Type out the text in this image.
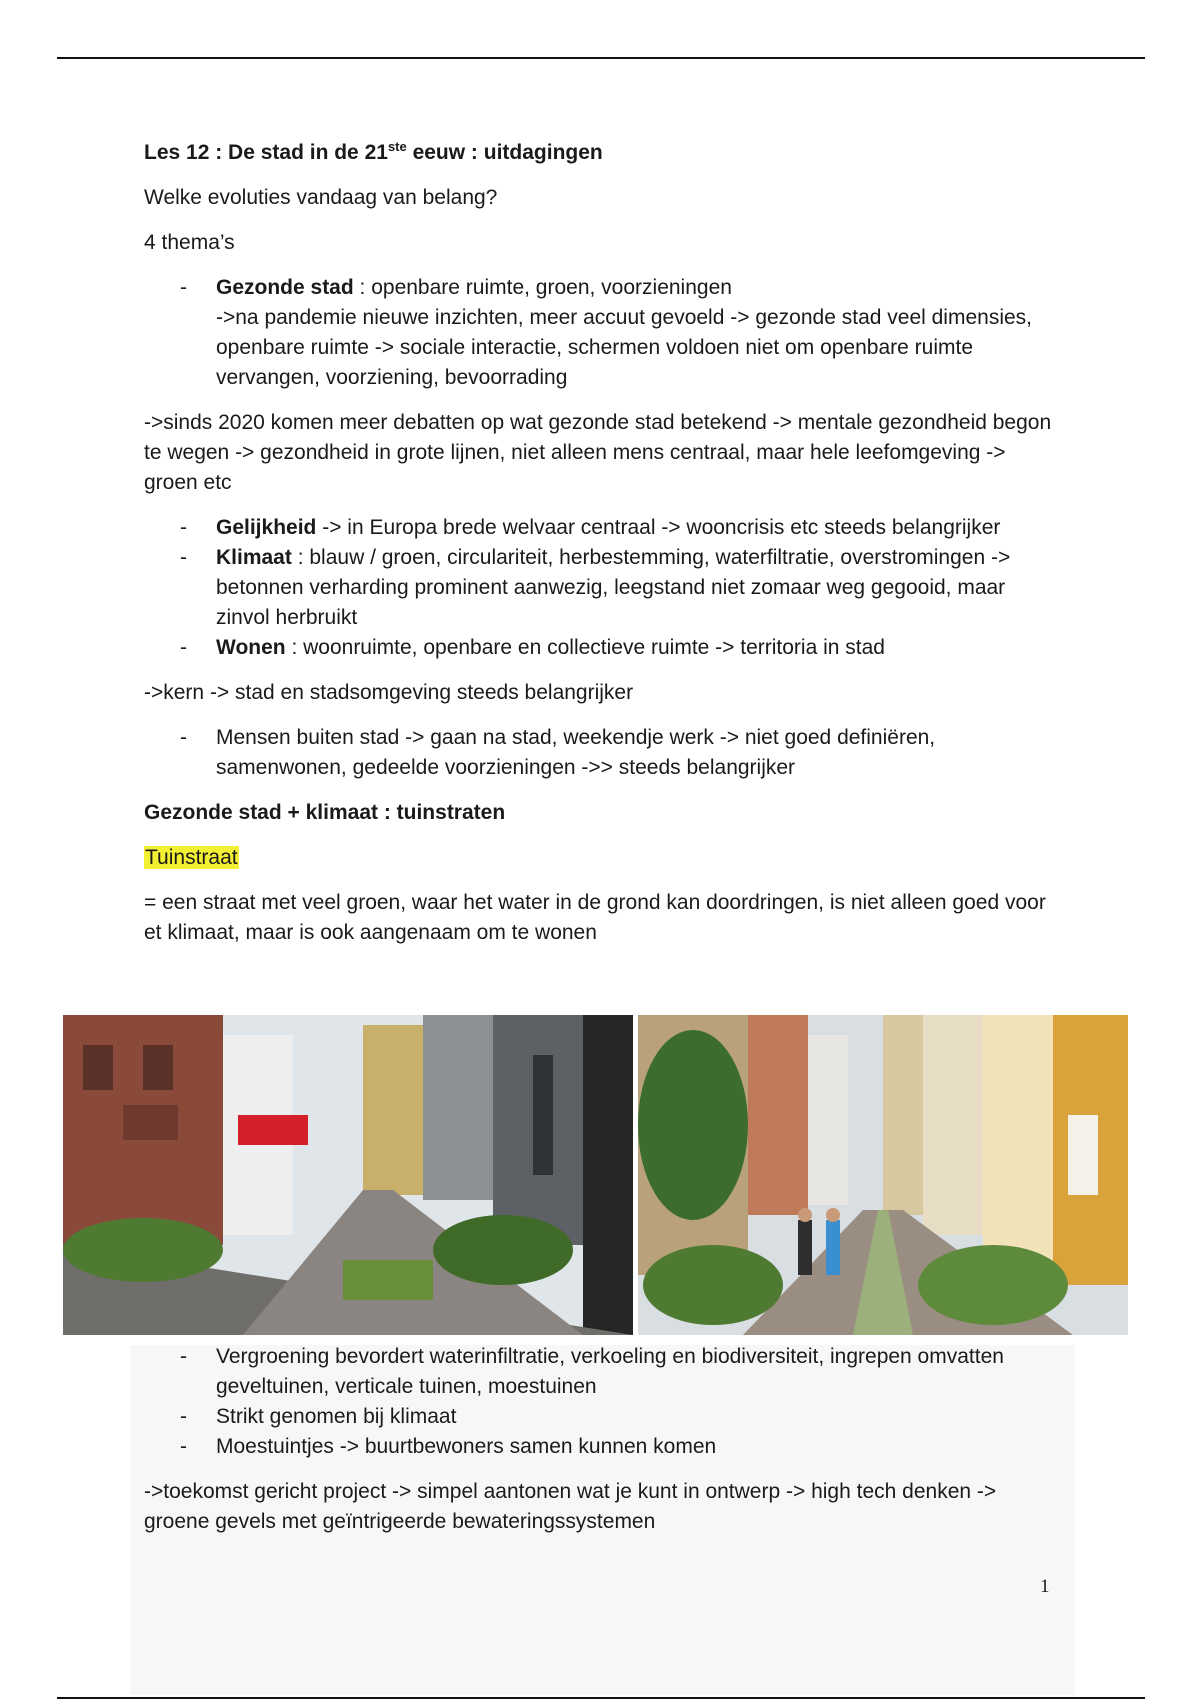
Les 12 : De stad in de 21ste eeuw : uitdagingen

Welke evoluties vandaag van belang?

4 thema’s

- Gezonde stad : openbare ruimte, groen, voorzieningen
->na pandemie nieuwe inzichten, meer accuut gevoeld -> gezonde stad veel dimensies, openbare ruimte -> sociale interactie, schermen voldoen niet om openbare ruimte vervangen, voorziening, bevoorrading

->sinds 2020 komen meer debatten op wat gezonde stad betekend -> mentale gezondheid begon te wegen -> gezondheid in grote lijnen, niet alleen mens centraal, maar hele leefomgeving -> groen etc

- Gelijkheid -> in Europa brede welvaar centraal -> wooncrisis etc steeds belangrijker
- Klimaat : blauw / groen, circulariteit, herbestemming, waterfiltratie, overstromingen -> betonnen verharding prominent aanwezig, leegstand niet zomaar weg gegooid, maar zinvol herbruikt
- Wonen : woonruimte, openbare en collectieve ruimte -> territoria in stad

->kern -> stad en stadsomgeving steeds belangrijker

- Mensen buiten stad -> gaan na stad, weekendje werk -> niet goed definiëren, samenwonen, gedeelde voorzieningen ->> steeds belangrijker

Gezonde stad + klimaat : tuinstraten

Tuinstraat

= een straat met veel groen, waar het water in de grond kan doordringen, is niet alleen goed voor et klimaat, maar is ook aangenaam om te wonen

- Vergroening bevordert waterinfiltratie, verkoeling en biodiversiteit, ingrepen omvatten geveltuinen, verticale tuinen, moestuinen
- Strikt genomen bij klimaat
- Moestuintjes -> buurtbewoners samen kunnen komen

->toekomst gericht project -> simpel aantonen wat je kunt in ontwerp -> high tech denken -> groene gevels met geïntrigeerde bewateringssystemen

1
